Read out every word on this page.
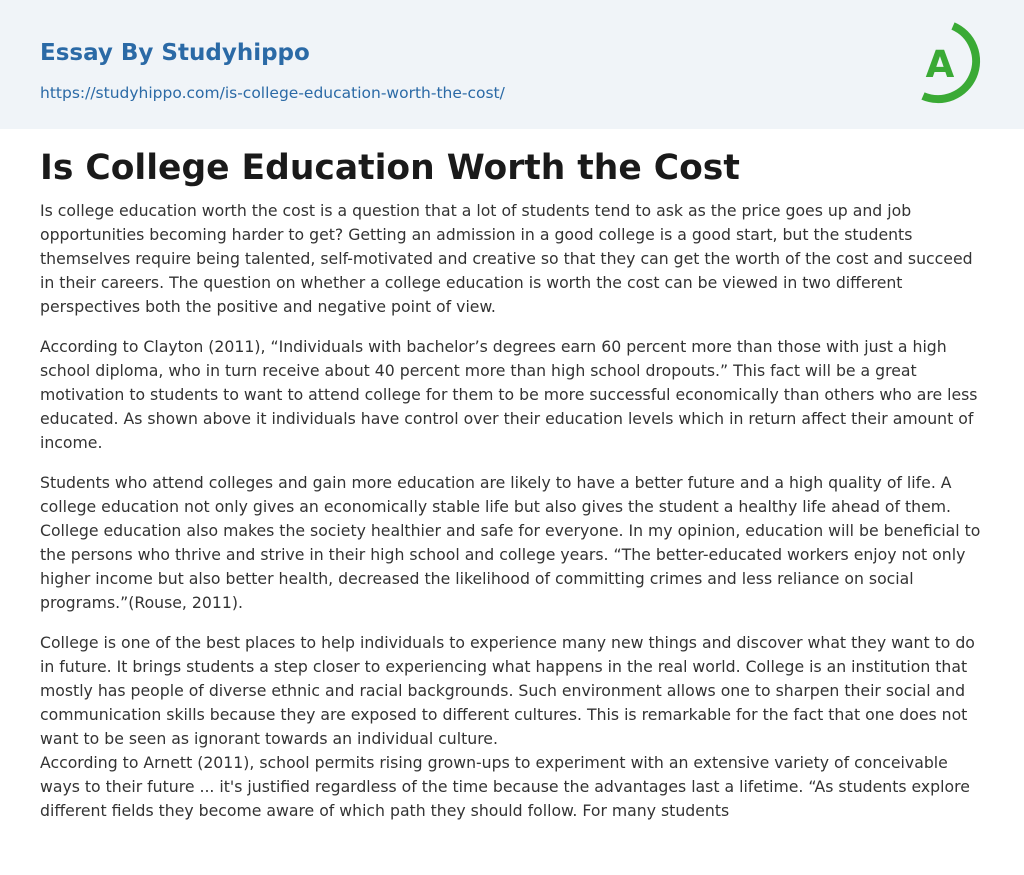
Essay By Studyhippo
https://studyhippo.com/is-college-education-worth-the-cost/
A
Is College Education Worth the Cost

Is college education worth the cost is a question that a lot of students tend to ask as the price goes up and job opportunities becoming harder to get? Getting an admission in a good college is a good start, but the students themselves require being talented, self-motivated and creative so that they can get the worth of the cost and succeed in their careers. The question on whether a college education is worth the cost can be viewed in two different perspectives both the positive and negative point of view.

According to Clayton (2011), “Individuals with bachelor’s degrees earn 60 percent more than those with just a high school diploma, who in turn receive about 40 percent more than high school dropouts.” This fact will be a great motivation to students to want to attend college for them to be more successful economically than others who are less educated. As shown above it individuals have control over their education levels which in return affect their amount of income.

Students who attend colleges and gain more education are likely to have a better future and a high quality of life. A college education not only gives an economically stable life but also gives the student a healthy life ahead of them. College education also makes the society healthier and safe for everyone. In my opinion, education will be beneficial to the persons who thrive and strive in their high school and college years. “The better-educated workers enjoy not only higher income but also better health, decreased the likelihood of committing crimes and less reliance on social programs.”(Rouse, 2011).

College is one of the best places to help individuals to experience many new things and discover what they want to do in future. It brings students a step closer to experiencing what happens in the real world. College is an institution that mostly has people of diverse ethnic and racial backgrounds. Such environment allows one to sharpen their social and communication skills because they are exposed to different cultures. This is remarkable for the fact that one does not want to be seen as ignorant towards an individual culture.

According to Arnett (2011), school permits rising grown-ups to experiment with an extensive variety of conceivable ways to their future ... it's justified regardless of the time because the advantages last a lifetime. “As students explore different fields they become aware of which path they should follow. For many students
